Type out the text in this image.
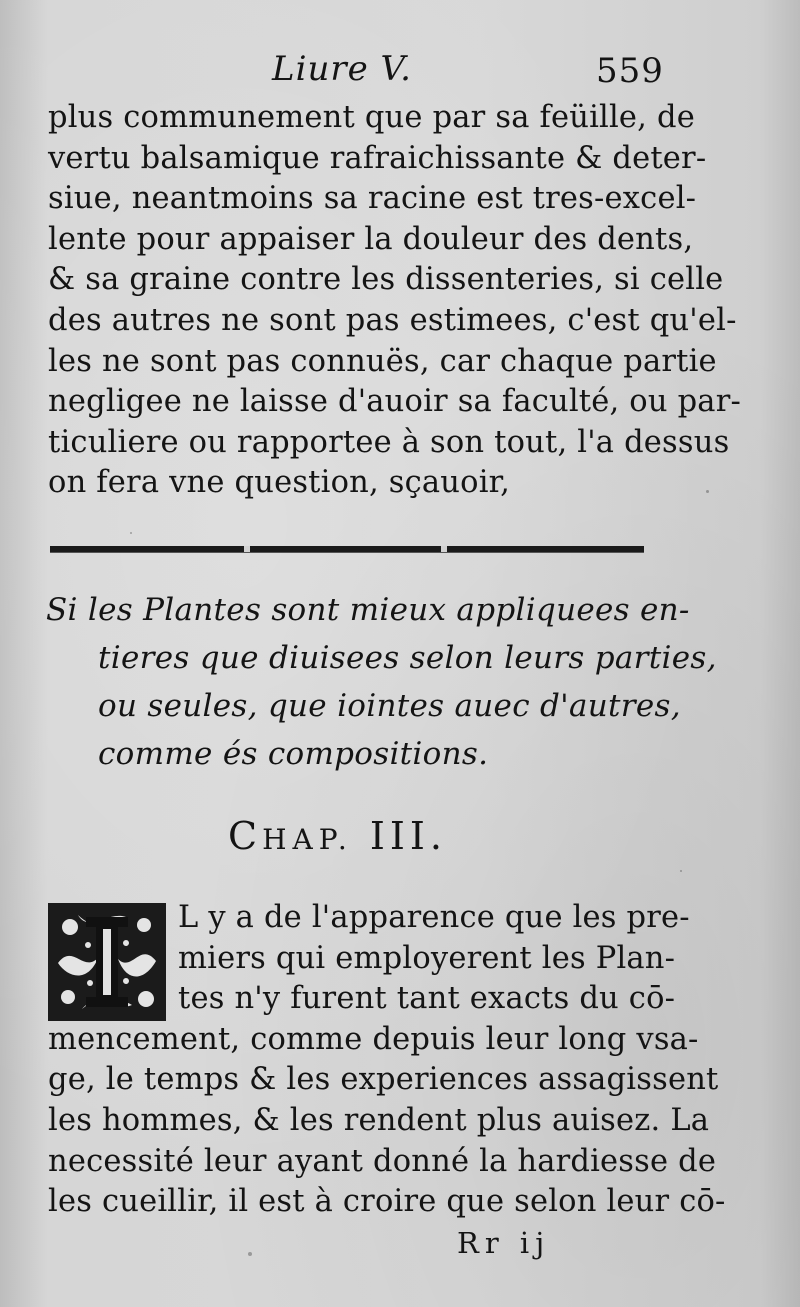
Liure V.	559
plus communement que par sa feüille, de
vertu balsamique rafraichissante & deter-
siue, neantmoins sa racine est tres-excel-
lente pour appaiser la douleur des dents,
& sa graine contre les dissenteries, si celle
des autres ne sont pas estimees, c'est qu'el-
les ne sont pas connuës, car chaque partie
negligee ne laisse d'auoir sa faculté, ou par-
ticuliere ou rapportee à son tout, l'a dessus
on fera vne question, sçauoir,
Si les Plantes sont mieux appliquees en-
tieres que diuisees selon leurs parties,
ou seules, que iointes auec d'autres,
comme és compositions.
CHAP. III.
L y a de l'apparence que les pre-
miers qui employerent les Plan-
tes n'y furent tant exacts du cō-
mencement, comme depuis leur long vsa-
ge, le temps & les experiences assagissent
les hommes, & les rendent plus auisez. La
necessité leur ayant donné la hardiesse de
les cueillir, il est à croire que selon leur cō-
Rr ij
